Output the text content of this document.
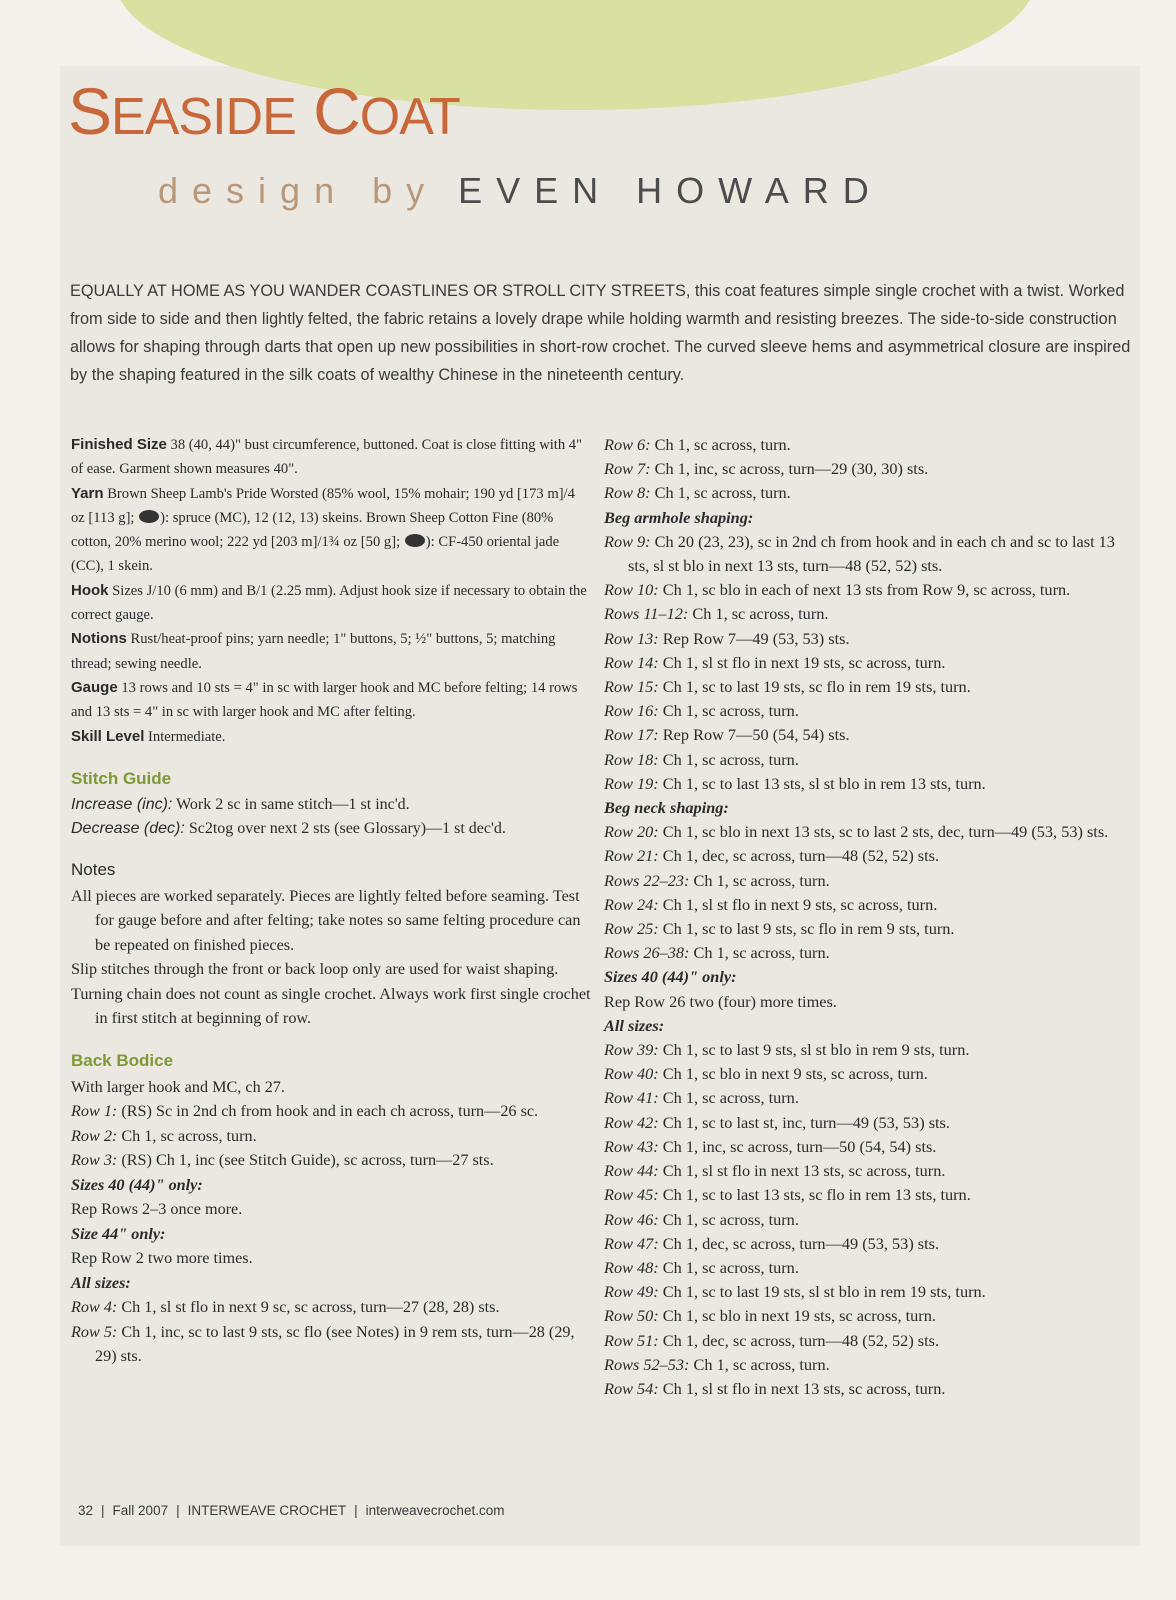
SEASIDE COAT
design by EVEN HOWARD
EQUALLY AT HOME AS YOU WANDER COASTLINES OR STROLL CITY STREETS, this coat features simple single crochet with a twist. Worked from side to side and then lightly felted, the fabric retains a lovely drape while holding warmth and resisting breezes. The side-to-side construction allows for shaping through darts that open up new possibilities in short-row crochet. The curved sleeve hems and asymmetrical closure are inspired by the shaping featured in the silk coats of wealthy Chinese in the nineteenth century.

Finished Size 38 (40, 44)" bust circumference, buttoned. Coat is close fitting with 4" of ease. Garment shown measures 40".

Yarn Brown Sheep Lamb's Pride Worsted (85% wool, 15% mohair; 190 yd [173 m]/4 oz [113 g]; ): spruce (MC), 12 (12, 13) skeins. Brown Sheep Cotton Fine (80% cotton, 20% merino wool; 222 yd [203 m]/1¾ oz [50 g]; ): CF-450 oriental jade (CC), 1 skein.

Hook Sizes J/10 (6 mm) and B/1 (2.25 mm). Adjust hook size if necessary to obtain the correct gauge.

Notions Rust/heat-proof pins; yarn needle; 1" buttons, 5; ½" buttons, 5; matching thread; sewing needle.

Gauge 13 rows and 10 sts = 4" in sc with larger hook and MC before felting; 14 rows and 13 sts = 4" in sc with larger hook and MC after felting.

Skill Level Intermediate.

Stitch Guide

Increase (inc): Work 2 sc in same stitch—1 st inc'd.

Decrease (dec): Sc2tog over next 2 sts (see Glossary)—1 st dec'd.

Notes

All pieces are worked separately. Pieces are lightly felted before seaming. Test for gauge before and after felting; take notes so same felting procedure can be repeated on finished pieces.

Slip stitches through the front or back loop only are used for waist shaping.

Turning chain does not count as single crochet. Always work first single crochet in first stitch at beginning of row.

Back Bodice

With larger hook and MC, ch 27.

Row 1: (RS) Sc in 2nd ch from hook and in each ch across, turn—26 sc.

Row 2: Ch 1, sc across, turn.

Row 3: (RS) Ch 1, inc (see Stitch Guide), sc across, turn—27 sts.

Sizes 40 (44)" only:

Rep Rows 2–3 once more.

Size 44" only:

Rep Row 2 two more times.

All sizes:

Row 4: Ch 1, sl st flo in next 9 sc, sc across, turn—27 (28, 28) sts.

Row 5: Ch 1, inc, sc to last 9 sts, sc flo (see Notes) in 9 rem sts, turn—28 (29, 29) sts.

Row 6: Ch 1, sc across, turn.

Row 7: Ch 1, inc, sc across, turn—29 (30, 30) sts.

Row 8: Ch 1, sc across, turn.

Beg armhole shaping:

Row 9: Ch 20 (23, 23), sc in 2nd ch from hook and in each ch and sc to last 13 sts, sl st blo in next 13 sts, turn—48 (52, 52) sts.

Row 10: Ch 1, sc blo in each of next 13 sts from Row 9, sc across, turn.

Rows 11–12: Ch 1, sc across, turn.

Row 13: Rep Row 7—49 (53, 53) sts.

Row 14: Ch 1, sl st flo in next 19 sts, sc across, turn.

Row 15: Ch 1, sc to last 19 sts, sc flo in rem 19 sts, turn.

Row 16: Ch 1, sc across, turn.

Row 17: Rep Row 7—50 (54, 54) sts.

Row 18: Ch 1, sc across, turn.

Row 19: Ch 1, sc to last 13 sts, sl st blo in rem 13 sts, turn.

Beg neck shaping:

Row 20: Ch 1, sc blo in next 13 sts, sc to last 2 sts, dec, turn—49 (53, 53) sts.

Row 21: Ch 1, dec, sc across, turn—48 (52, 52) sts.

Rows 22–23: Ch 1, sc across, turn.

Row 24: Ch 1, sl st flo in next 9 sts, sc across, turn.

Row 25: Ch 1, sc to last 9 sts, sc flo in rem 9 sts, turn.

Rows 26–38: Ch 1, sc across, turn.

Sizes 40 (44)" only:

Rep Row 26 two (four) more times.

All sizes:

Row 39: Ch 1, sc to last 9 sts, sl st blo in rem 9 sts, turn.

Row 40: Ch 1, sc blo in next 9 sts, sc across, turn.

Row 41: Ch 1, sc across, turn.

Row 42: Ch 1, sc to last st, inc, turn—49 (53, 53) sts.

Row 43: Ch 1, inc, sc across, turn—50 (54, 54) sts.

Row 44: Ch 1, sl st flo in next 13 sts, sc across, turn.

Row 45: Ch 1, sc to last 13 sts, sc flo in rem 13 sts, turn.

Row 46: Ch 1, sc across, turn.

Row 47: Ch 1, dec, sc across, turn—49 (53, 53) sts.

Row 48: Ch 1, sc across, turn.

Row 49: Ch 1, sc to last 19 sts, sl st blo in rem 19 sts, turn.

Row 50: Ch 1, sc blo in next 19 sts, sc across, turn.

Row 51: Ch 1, dec, sc across, turn—48 (52, 52) sts.

Rows 52–53: Ch 1, sc across, turn.

Row 54: Ch 1, sl st flo in next 13 sts, sc across, turn.

32 | Fall 2007 | INTERWEAVE CROCHET | interweavecrochet.com
